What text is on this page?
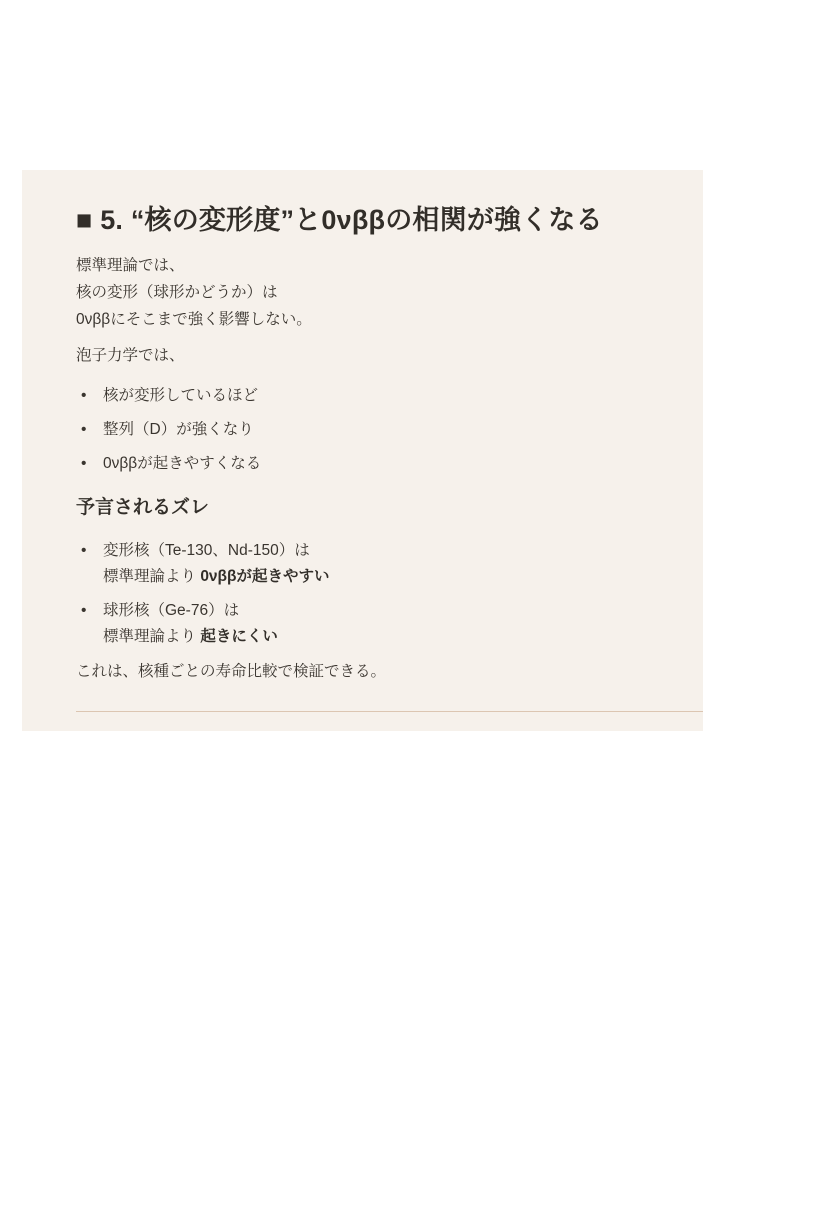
■ 5. “核の変形度”と0νββの相関が強くなる

標準理論では、
核の変形（球形かどうか）は
0νββにそこまで強く影響しない。

泡子力学では、

• 核が変形しているほど
• 整列（D）が強くなり
• 0νββが起きやすくなる
予言されるズレ
• 変形核（Te-130、Nd-150）は
標準理論より 0νββが起きやすい
• 球形核（Ge-76）は
標準理論より 起きにくい

これは、核種ごとの寿命比較で検証できる。
